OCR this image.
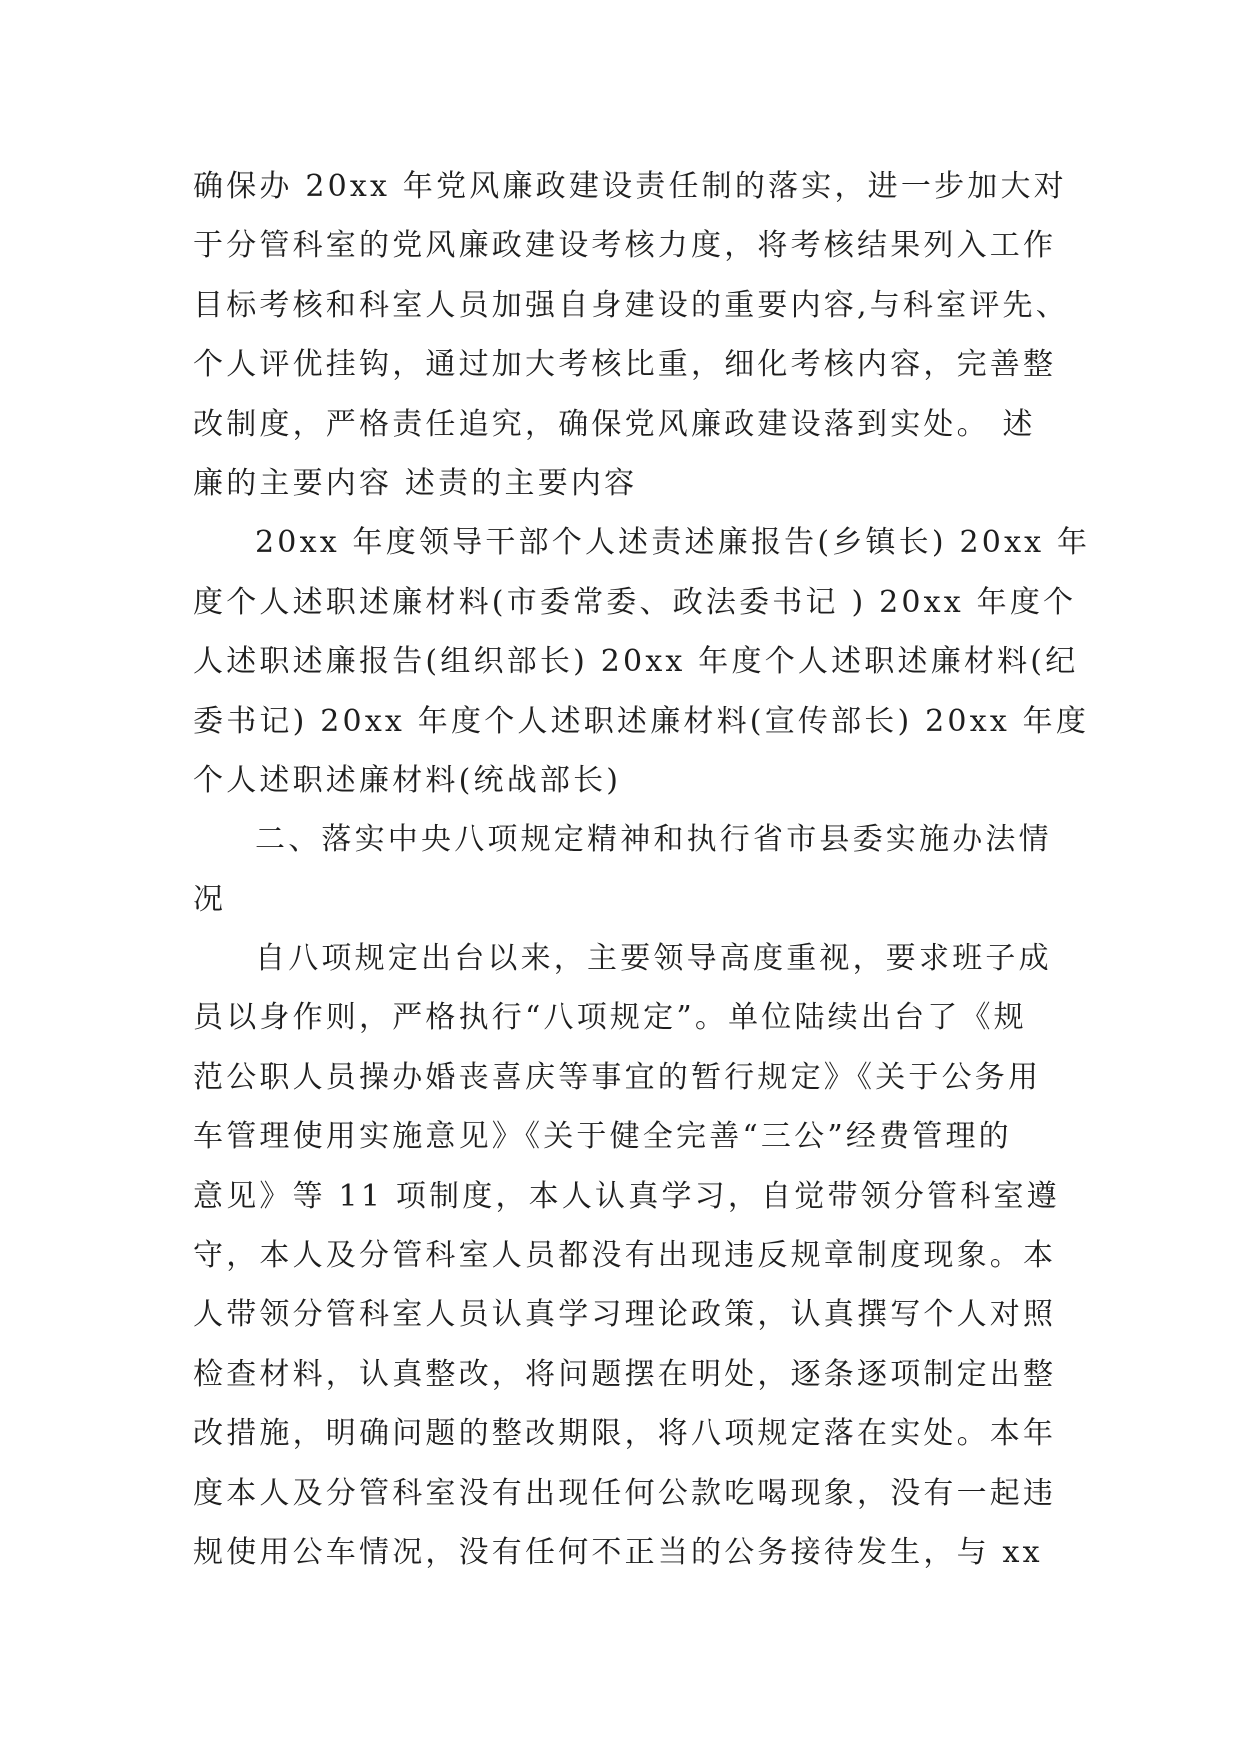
确保办 20xx 年党风廉政建设责任制的落实，进一步加大对
于分管科室的党风廉政建设考核力度，将考核结果列入工作
目标考核和科室人员加强自身建设的重要内容,与科室评先、
个人评优挂钩，通过加大考核比重，细化考核内容，完善整
改制度，严格责任追究，确保党风廉政建设落到实处。 述
廉的主要内容 述责的主要内容
20xx 年度领导干部个人述责述廉报告(乡镇长) 20xx 年
度个人述职述廉材料(市委常委、政法委书记 ) 20xx 年度个
人述职述廉报告(组织部长) 20xx 年度个人述职述廉材料(纪
委书记) 20xx 年度个人述职述廉材料(宣传部长) 20xx 年度
个人述职述廉材料(统战部长)
二、落实中央八项规定精神和执行省市县委实施办法情
况
自八项规定出台以来，主要领导高度重视，要求班子成
员以身作则，严格执行“八项规定”。单位陆续出台了《规
范公职人员操办婚丧喜庆等事宜的暂行规定》《关于公务用
车管理使用实施意见》《关于健全完善“三公”经费管理的
意见》等 11 项制度，本人认真学习，自觉带领分管科室遵
守，本人及分管科室人员都没有出现违反规章制度现象。本
人带领分管科室人员认真学习理论政策，认真撰写个人对照
检查材料，认真整改，将问题摆在明处，逐条逐项制定出整
改措施，明确问题的整改期限，将八项规定落在实处。本年
度本人及分管科室没有出现任何公款吃喝现象，没有一起违
规使用公车情况，没有任何不正当的公务接待发生，与 xx
